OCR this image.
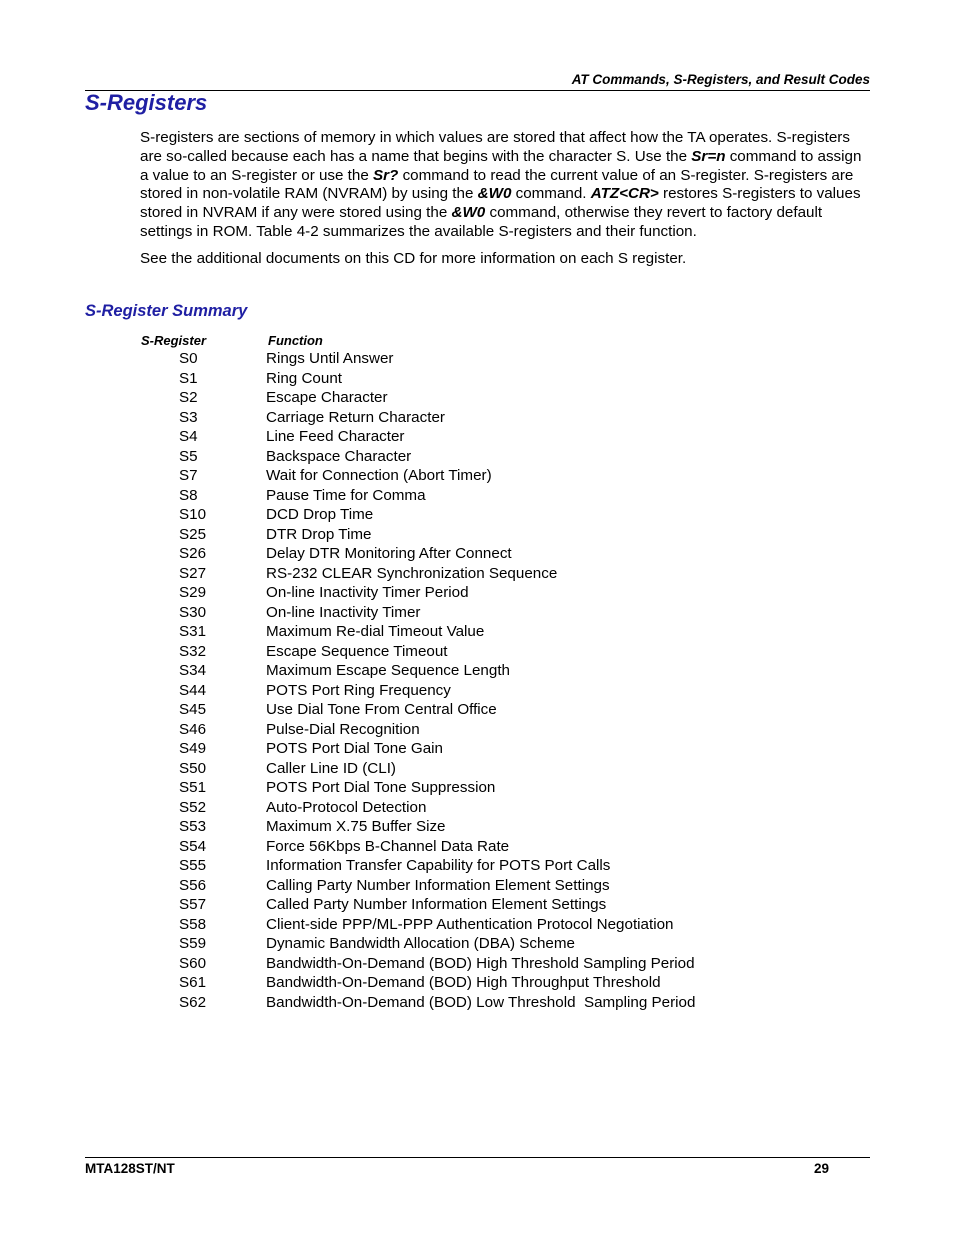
AT Commands, S-Registers, and Result Codes
S-Registers

S-registers are sections of memory in which values are stored that affect how the TA operates. S-registers are so-called because each has a name that begins with the character S. Use the Sr=n command to assign a value to an S-register or use the Sr? command to read the current value of an S-register. S-registers are stored in non-volatile RAM (NVRAM) by using the &W0 command. ATZ<CR> restores S-registers to values stored in NVRAM if any were stored using the &W0 command, otherwise they revert to factory default settings in ROM. Table 4-2 summarizes the available S-registers and their function.

See the additional documents on this CD for more information on each S register.

S-Register Summary
S-Register	Function
S0	Rings Until Answer
S1	Ring Count
S2	Escape Character
S3	Carriage Return Character
S4	Line Feed Character
S5	Backspace Character
S7	Wait for Connection (Abort Timer)
S8	Pause Time for Comma
S10	DCD Drop Time
S25	DTR Drop Time
S26	Delay DTR Monitoring After Connect
S27	RS-232 CLEAR Synchronization Sequence
S29	On-line Inactivity Timer Period
S30	On-line Inactivity Timer
S31	Maximum Re-dial Timeout Value
S32	Escape Sequence Timeout
S34	Maximum Escape Sequence Length
S44	POTS Port Ring Frequency
S45	Use Dial Tone From Central Office
S46	Pulse-Dial Recognition
S49	POTS Port Dial Tone Gain
S50	Caller Line ID (CLI)
S51	POTS Port Dial Tone Suppression
S52	Auto-Protocol Detection
S53	Maximum X.75 Buffer Size
S54	Force 56Kbps B-Channel Data Rate
S55	Information Transfer Capability for POTS Port Calls
S56	Calling Party Number Information Element Settings
S57	Called Party Number Information Element Settings
S58	Client-side PPP/ML-PPP Authentication Protocol Negotiation
S59	Dynamic Bandwidth Allocation (DBA) Scheme
S60	Bandwidth-On-Demand (BOD) High Threshold Sampling Period
S61	Bandwidth-On-Demand (BOD) High Throughput Threshold
S62	Bandwidth-On-Demand (BOD) Low Threshold  Sampling Period
MTA128ST/NT	29
